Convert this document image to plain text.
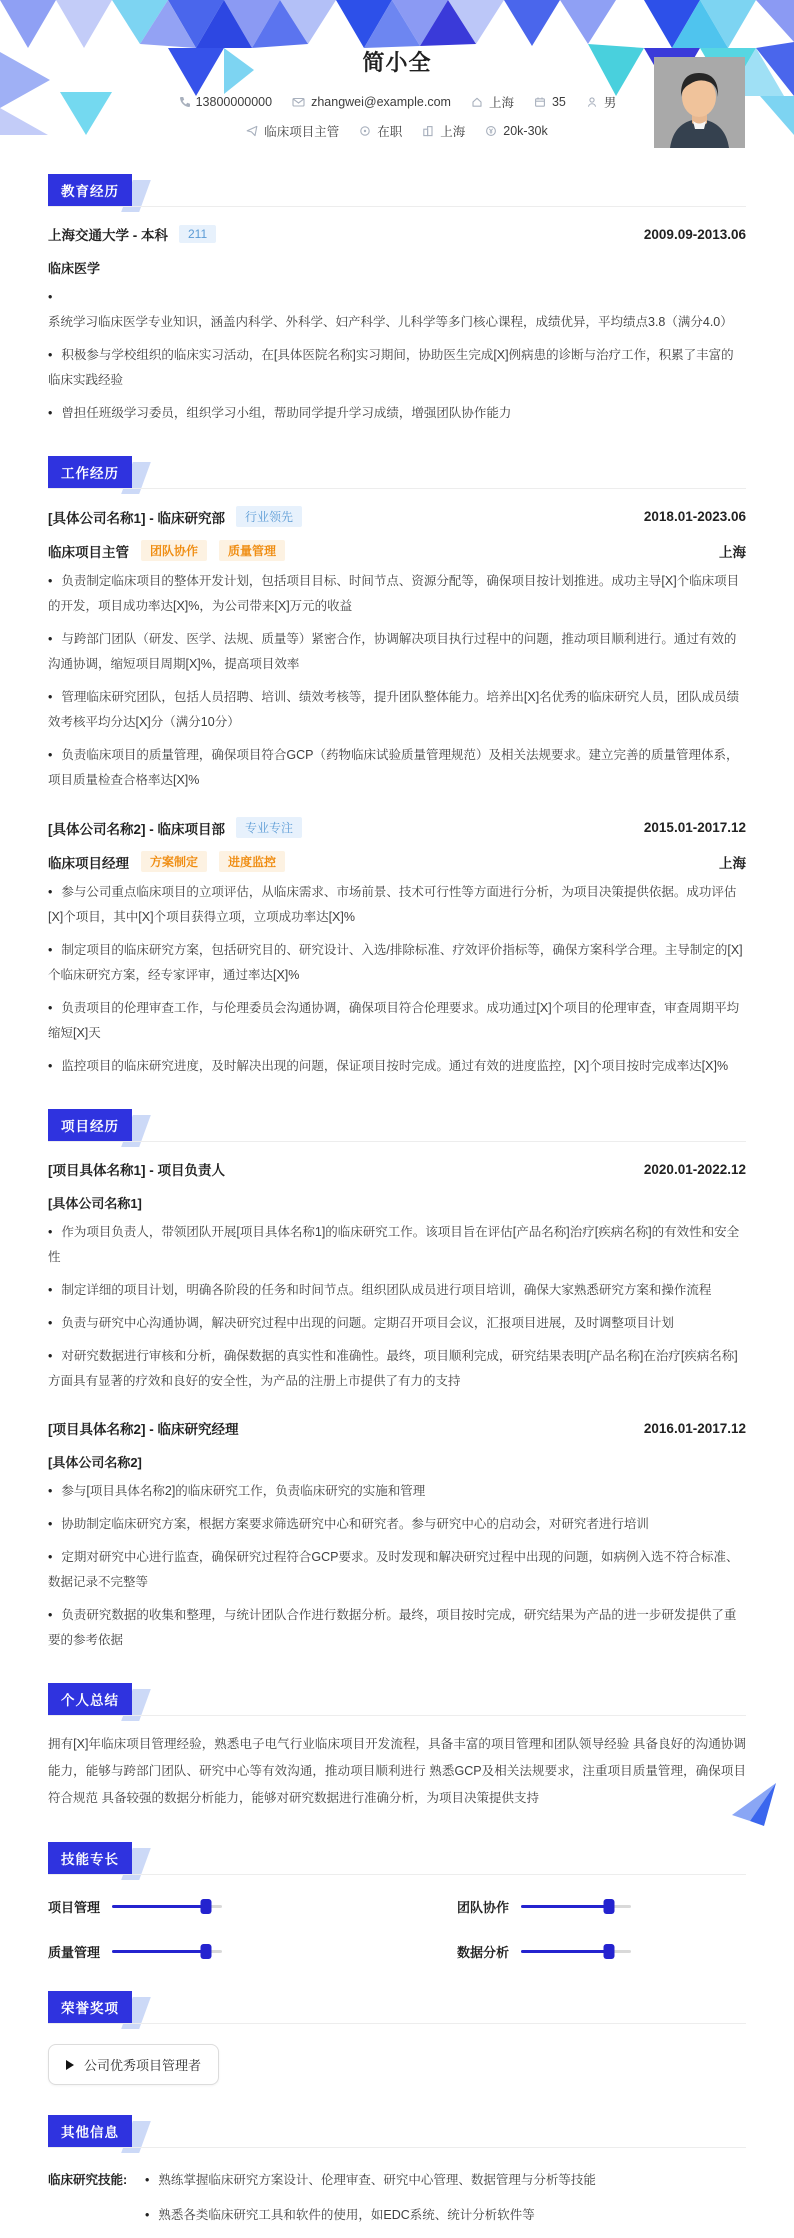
简小全
13800000000	zhangwei@example.com	上海	35	男
临床项目主管	在职	上海	20k-30k
教育经历
上海交通大学 - 本科	211	2009.09-2013.06
临床医学
•系统学习临床医学专业知识，涵盖内科学、外科学、妇产科学、儿科学等多门核心课程，成绩优异，平均绩点3.8（满分4.0）
• 积极参与学校组织的临床实习活动，在[具体医院名称]实习期间，协助医生完成[X]例病患的诊断与治疗工作，积累了丰富的临床实践经验
• 曾担任班级学习委员，组织学习小组，帮助同学提升学习成绩，增强团队协作能力
工作经历
[具体公司名称1] - 临床研究部	行业领先	2018.01-2023.06
临床项目主管	团队协作	质量管理	上海
• 负责制定临床项目的整体开发计划，包括项目目标、时间节点、资源分配等，确保项目按计划推进。成功主导[X]个临床项目的开发，项目成功率达[X]%，为公司带来[X]万元的收益
• 与跨部门团队（研发、医学、法规、质量等）紧密合作，协调解决项目执行过程中的问题，推动项目顺利进行。通过有效的沟通协调，缩短项目周期[X]%，提高项目效率
• 管理临床研究团队，包括人员招聘、培训、绩效考核等，提升团队整体能力。培养出[X]名优秀的临床研究人员，团队成员绩效考核平均分达[X]分（满分10分）
• 负责临床项目的质量管理，确保项目符合GCP（药物临床试验质量管理规范）及相关法规要求。建立完善的质量管理体系，项目质量检查合格率达[X]%
[具体公司名称2] - 临床项目部	专业专注	2015.01-2017.12
临床项目经理	方案制定	进度监控	上海
• 参与公司重点临床项目的立项评估，从临床需求、市场前景、技术可行性等方面进行分析，为项目决策提供依据。成功评估[X]个项目，其中[X]个项目获得立项，立项成功率达[X]%
• 制定项目的临床研究方案，包括研究目的、研究设计、入选/排除标准、疗效评价指标等，确保方案科学合理。主导制定的[X]个临床研究方案，经专家评审，通过率达[X]%
• 负责项目的伦理审查工作，与伦理委员会沟通协调，确保项目符合伦理要求。成功通过[X]个项目的伦理审查，审查周期平均缩短[X]天
• 监控项目的临床研究进度，及时解决出现的问题，保证项目按时完成。通过有效的进度监控，[X]个项目按时完成率达[X]%
项目经历
[项目具体名称1] - 项目负责人	2020.01-2022.12
[具体公司名称1]
• 作为项目负责人，带领团队开展[项目具体名称1]的临床研究工作。该项目旨在评估[产品名称]治疗[疾病名称]的有效性和安全性
• 制定详细的项目计划，明确各阶段的任务和时间节点。组织团队成员进行项目培训，确保大家熟悉研究方案和操作流程
• 负责与研究中心沟通协调，解决研究过程中出现的问题。定期召开项目会议，汇报项目进展，及时调整项目计划
• 对研究数据进行审核和分析，确保数据的真实性和准确性。最终，项目顺利完成，研究结果表明[产品名称]在治疗[疾病名称]方面具有显著的疗效和良好的安全性，为产品的注册上市提供了有力的支持
[项目具体名称2] - 临床研究经理	2016.01-2017.12
[具体公司名称2]
• 参与[项目具体名称2]的临床研究工作，负责临床研究的实施和管理
• 协助制定临床研究方案，根据方案要求筛选研究中心和研究者。参与研究中心的启动会，对研究者进行培训
• 定期对研究中心进行监查，确保研究过程符合GCP要求。及时发现和解决研究过程中出现的问题，如病例入选不符合标准、数据记录不完整等
• 负责研究数据的收集和整理，与统计团队合作进行数据分析。最终，项目按时完成，研究结果为产品的进一步研发提供了重要的参考依据
个人总结
拥有[X]年临床项目管理经验，熟悉电子电气行业临床项目开发流程，具备丰富的项目管理和团队领导经验 具备良好的沟通协调能力，能够与跨部门团队、研究中心等有效沟通，推动项目顺利进行 熟悉GCP及相关法规要求，注重项目质量管理，确保项目符合规范 具备较强的数据分析能力，能够对研究数据进行准确分析，为项目决策提供支持
技能专长
项目管理	团队协作
质量管理	数据分析
荣誉奖项
公司优秀项目管理者
其他信息
临床研究技能:	• 熟练掌握临床研究方案设计、伦理审查、研究中心管理、数据管理与分析等技能
• 熟悉各类临床研究工具和软件的使用，如EDC系统、统计分析软件等
